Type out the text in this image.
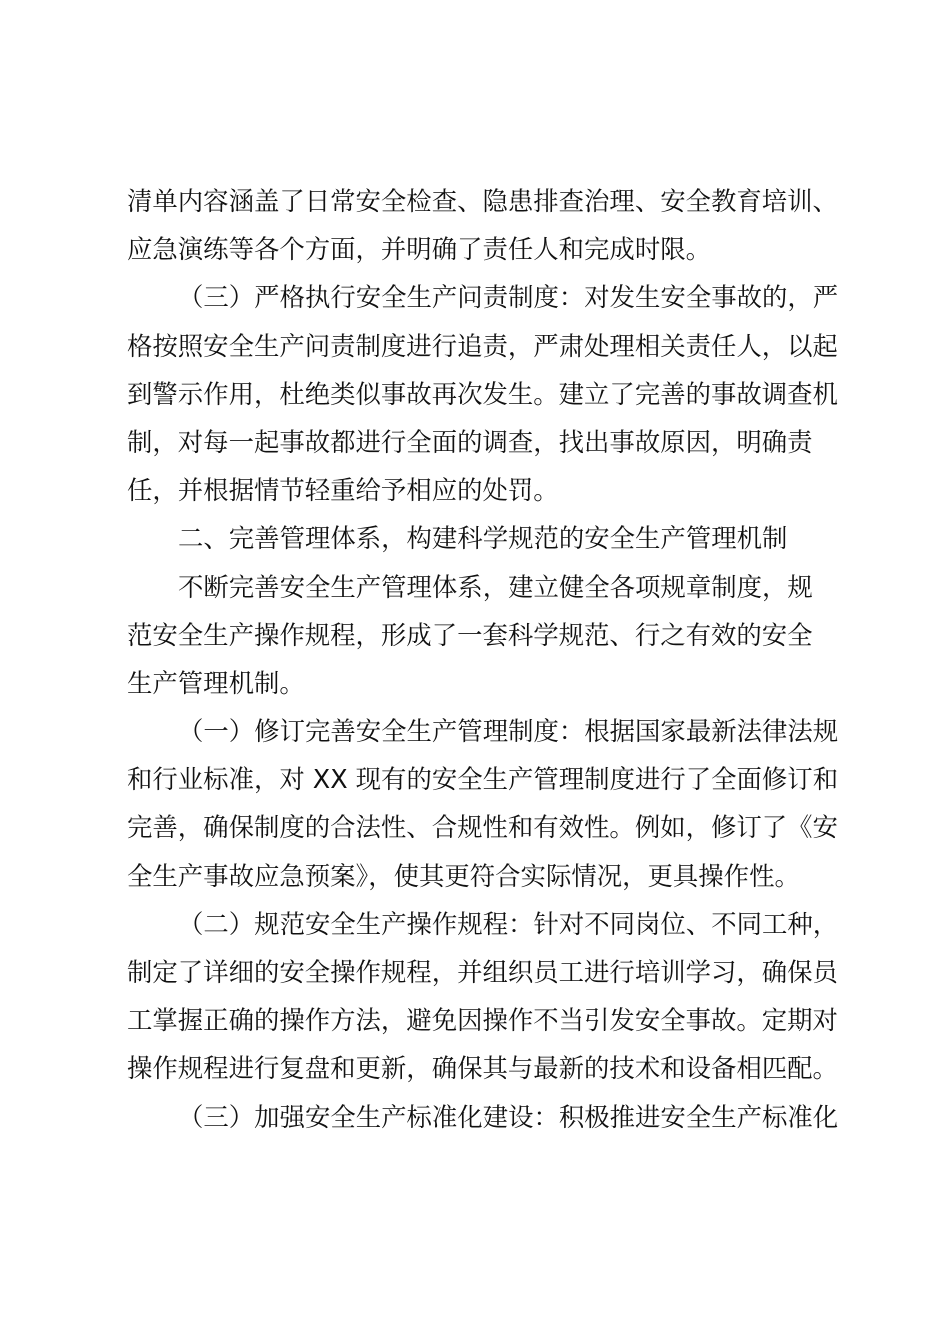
清单内容涵盖了日常安全检查、隐患排查治理、安全教育培训、
应急演练等各个方面，并明确了责任人和完成时限。
（三）严格执行安全生产问责制度：对发生安全事故的，严
格按照安全生产问责制度进行追责，严肃处理相关责任人，以起
到警示作用，杜绝类似事故再次发生。建立了完善的事故调查机
制，对每一起事故都进行全面的调查，找出事故原因，明确责
任，并根据情节轻重给予相应的处罚。
二、完善管理体系，构建科学规范的安全生产管理机制
不断完善安全生产管理体系，建立健全各项规章制度，规
范安全生产操作规程，形成了一套科学规范、行之有效的安全
生产管理机制。
（一）修订完善安全生产管理制度：根据国家最新法律法规
和行业标准，对 XX 现有的安全生产管理制度进行了全面修订和
完善，确保制度的合法性、合规性和有效性。例如，修订了《安
全生产事故应急预案》，使其更符合实际情况，更具操作性。
（二）规范安全生产操作规程：针对不同岗位、不同工种，
制定了详细的安全操作规程，并组织员工进行培训学习，确保员
工掌握正确的操作方法，避免因操作不当引发安全事故。定期对
操作规程进行复盘和更新，确保其与最新的技术和设备相匹配。
（三）加强安全生产标准化建设：积极推进安全生产标准化
